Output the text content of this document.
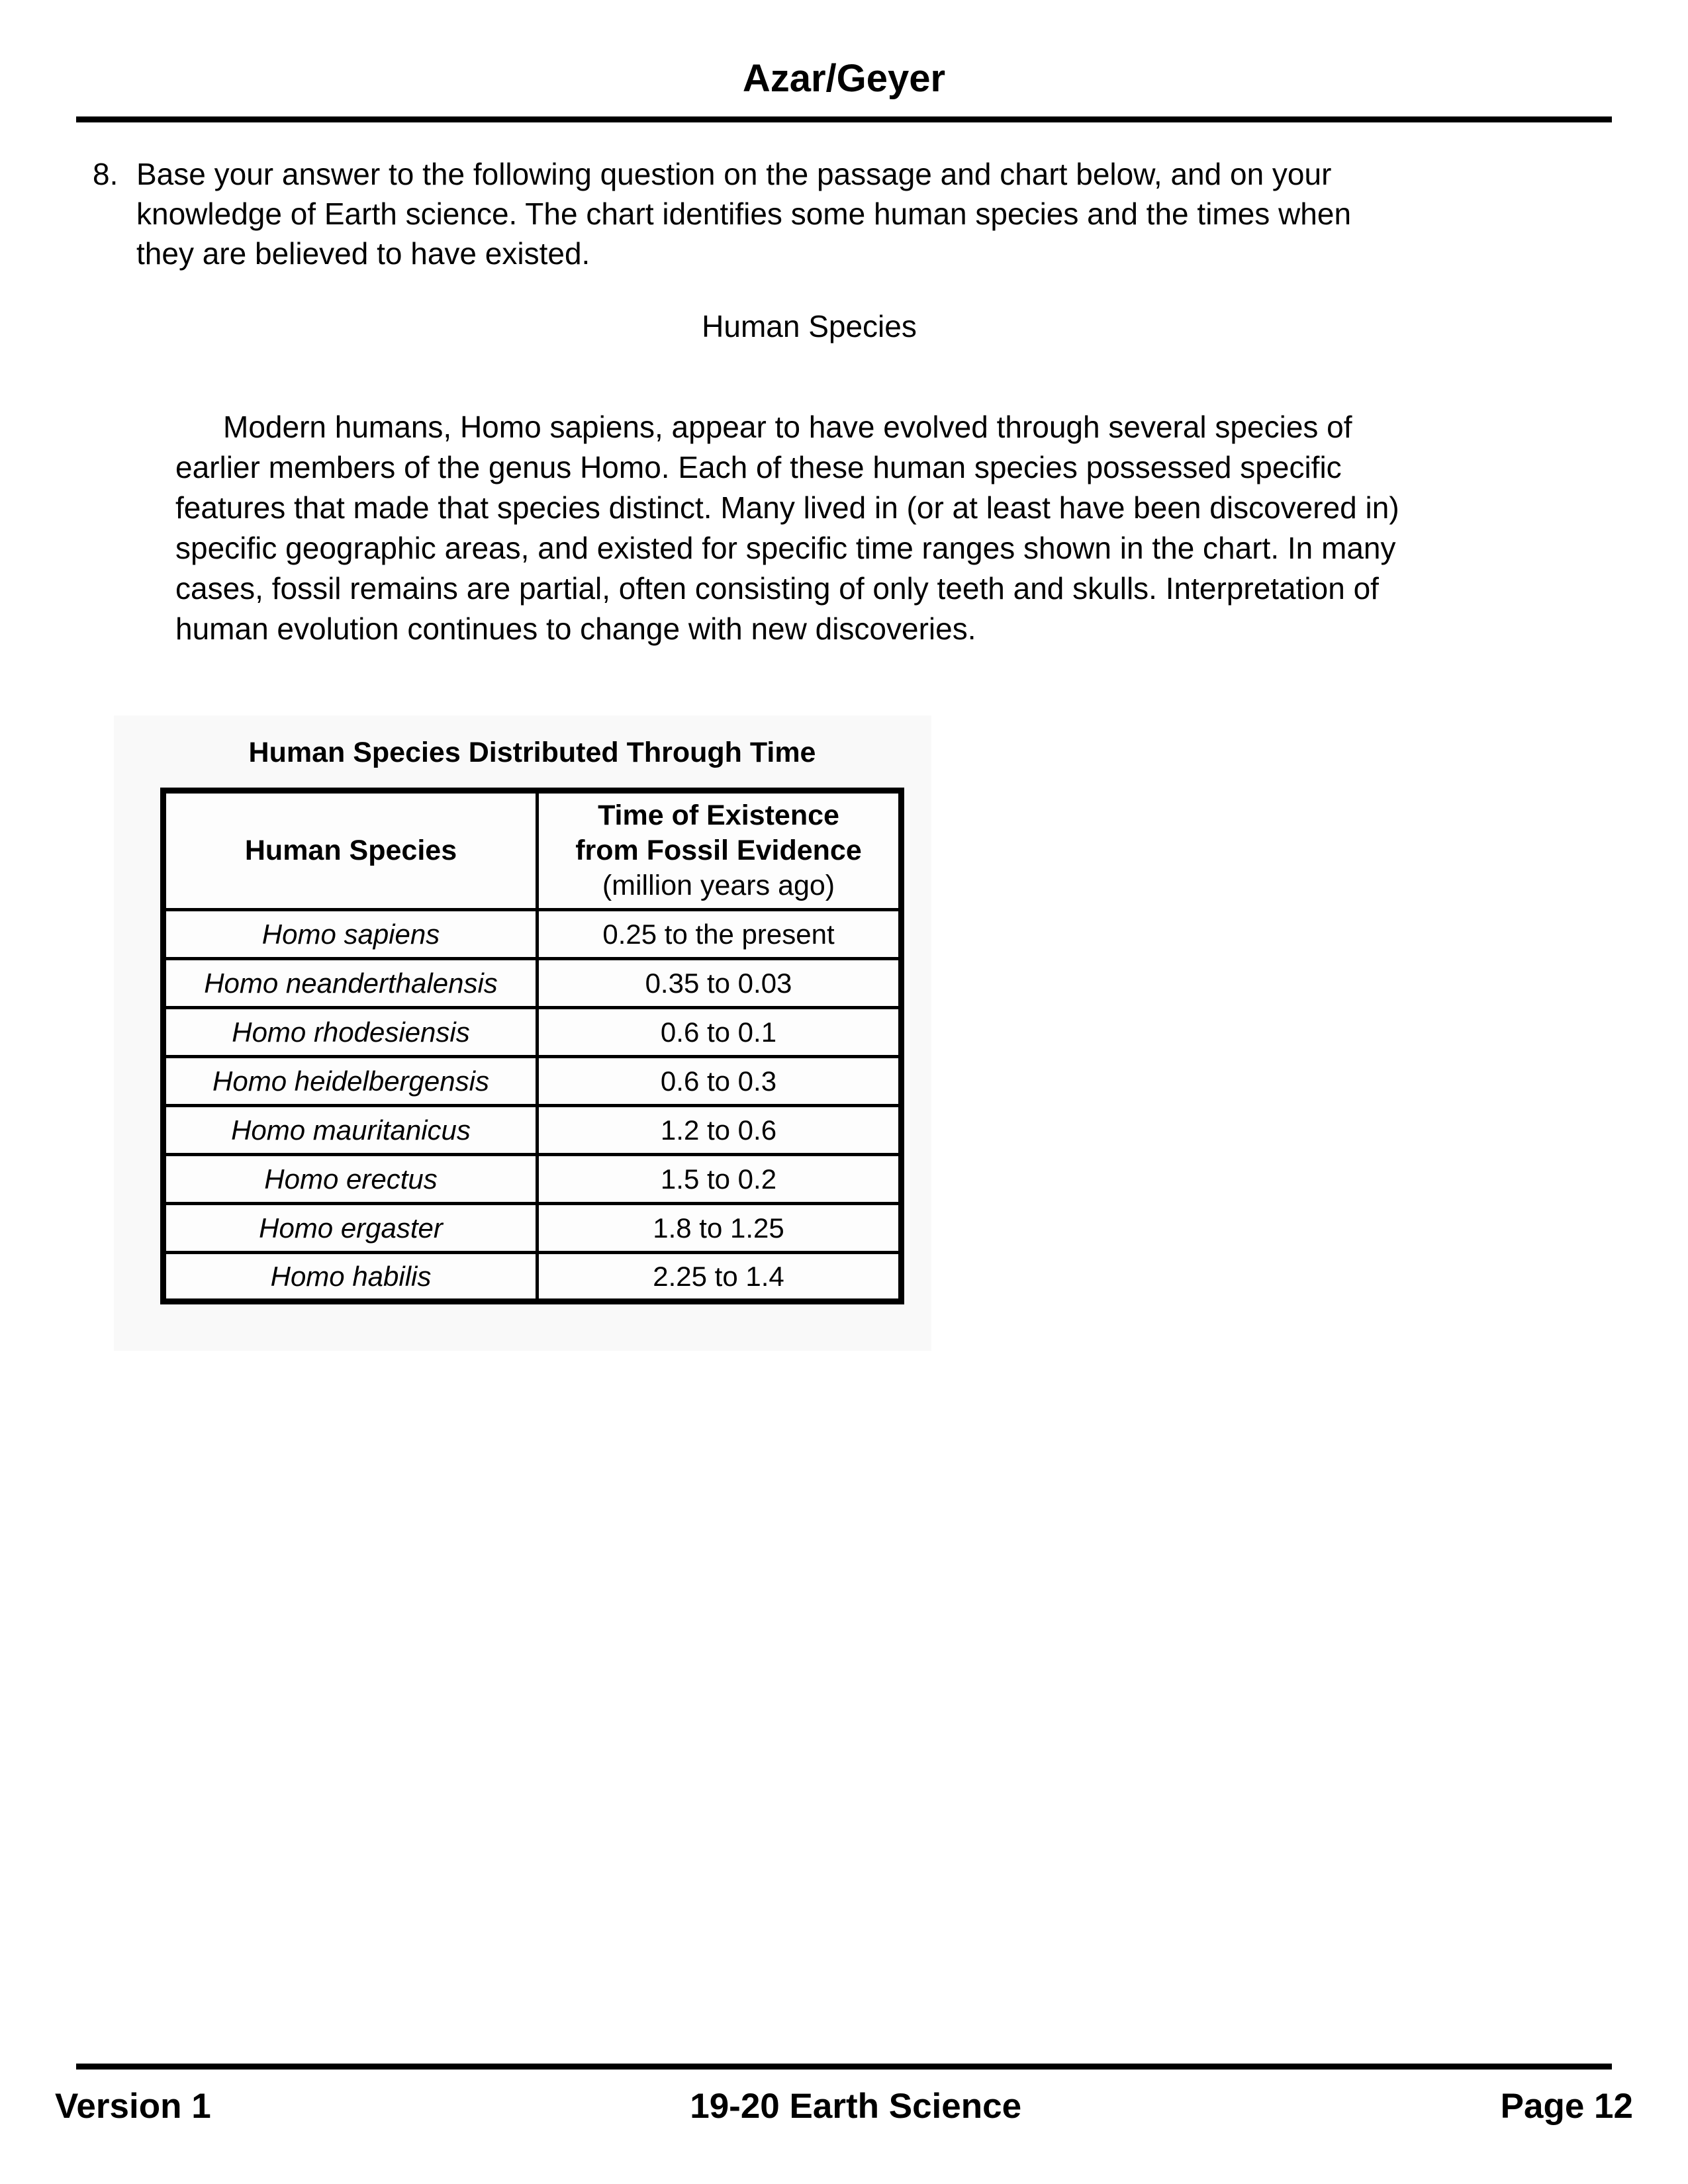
Azar/Geyer
8. Base your answer to the following question on the passage and chart below, and on your knowledge of Earth science. The chart identifies some human species and the times when they are believed to have existed.
Human Species
Modern humans, Homo sapiens, appear to have evolved through several species of earlier members of the genus Homo. Each of these human species possessed specific features that made that species distinct. Many lived in (or at least have been discovered in) specific geographic areas, and existed for specific time ranges shown in the chart. In many cases, fossil remains are partial, often consisting of only teeth and skulls. Interpretation of human evolution continues to change with new discoveries.
Human Species Distributed Through Time
Human Species	Time of Existence
from Fossil Evidence
(million years ago)

Homo sapiens	0.25 to the present
Homo neanderthalensis	0.35 to 0.03
Homo rhodesiensis	0.6 to 0.1
Homo heidelbergensis	0.6 to 0.3
Homo mauritanicus	1.2 to 0.6
Homo erectus	1.5 to 0.2
Homo ergaster	1.8 to 1.25
Homo habilis	2.25 to 1.4
Version 1	19-20 Earth Science	Page 12
